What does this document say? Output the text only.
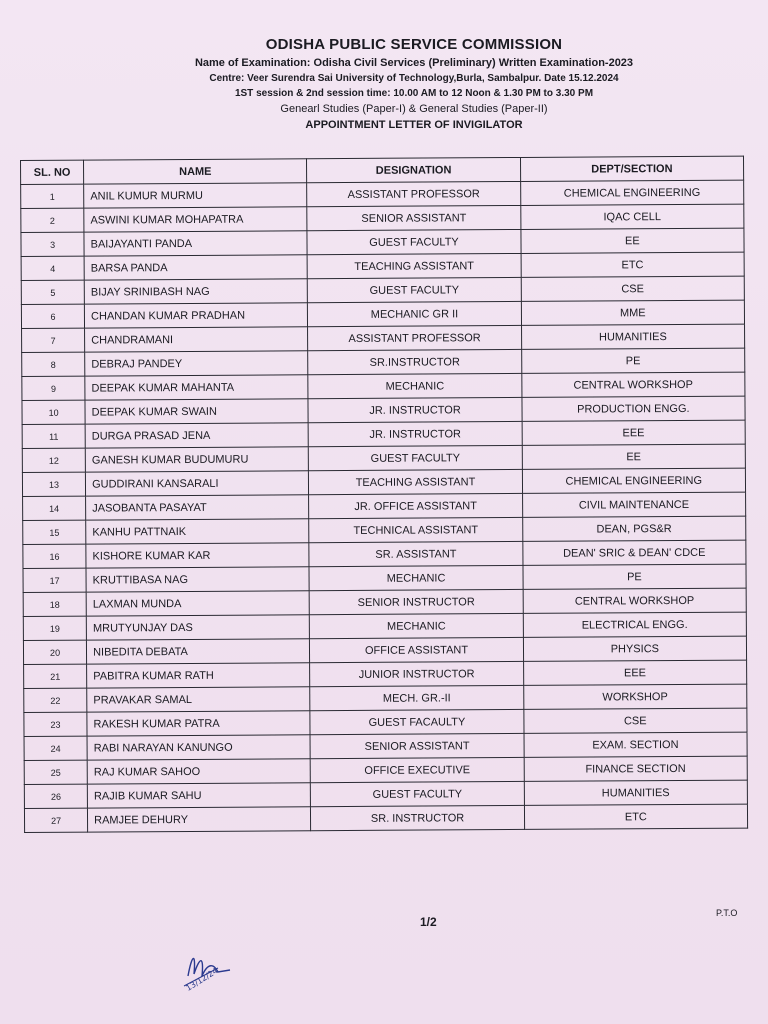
ODISHA PUBLIC SERVICE COMMISSION
Name of Examination: Odisha Civil Services (Preliminary) Written Examination-2023
Centre: Veer Surendra Sai University of Technology,Burla, Sambalpur. Date 15.12.2024
1ST session & 2nd session time: 10.00 AM to 12 Noon & 1.30 PM to 3.30 PM
Genearl Studies (Paper-I) & General Studies (Paper-II)
APPOINTMENT LETTER OF INVIGILATOR
SL. NO	NAME	DESIGNATION	DEPT/SECTION
1	ANIL KUMUR MURMU	ASSISTANT PROFESSOR	CHEMICAL ENGINEERING
2	ASWINI KUMAR MOHAPATRA	SENIOR ASSISTANT	IQAC CELL
3	BAIJAYANTI PANDA	GUEST FACULTY	EE
4	BARSA PANDA	TEACHING ASSISTANT	ETC
5	BIJAY SRINIBASH NAG	GUEST FACULTY	CSE
6	CHANDAN KUMAR PRADHAN	MECHANIC GR II	MME
7	CHANDRAMANI	ASSISTANT PROFESSOR	HUMANITIES
8	DEBRAJ PANDEY	SR.INSTRUCTOR	PE
9	DEEPAK KUMAR MAHANTA	MECHANIC	CENTRAL WORKSHOP
10	DEEPAK KUMAR SWAIN	JR. INSTRUCTOR	PRODUCTION ENGG.
11	DURGA PRASAD JENA	JR. INSTRUCTOR	EEE
12	GANESH KUMAR BUDUMURU	GUEST FACULTY	EE
13	GUDDIRANI KANSARALI	TEACHING ASSISTANT	CHEMICAL ENGINEERING
14	JASOBANTA PASAYAT	JR. OFFICE ASSISTANT	CIVIL MAINTENANCE
15	KANHU PATTNAIK	TECHNICAL ASSISTANT	DEAN, PGS&R
16	KISHORE KUMAR KAR	SR. ASSISTANT	DEAN' SRIC & DEAN' CDCE
17	KRUTTIBASA NAG	MECHANIC	PE
18	LAXMAN MUNDA	SENIOR INSTRUCTOR	CENTRAL WORKSHOP
19	MRUTYUNJAY DAS	MECHANIC	ELECTRICAL ENGG.
20	NIBEDITA DEBATA	OFFICE ASSISTANT	PHYSICS
21	PABITRA KUMAR RATH	JUNIOR INSTRUCTOR	EEE
22	PRAVAKAR SAMAL	MECH. GR.-II	WORKSHOP
23	RAKESH KUMAR PATRA	GUEST FACAULTY	CSE
24	RABI NARAYAN KANUNGO	SENIOR ASSISTANT	EXAM. SECTION
25	RAJ KUMAR SAHOO	OFFICE EXECUTIVE	FINANCE SECTION
26	RAJIB KUMAR SAHU	GUEST FACULTY	HUMANITIES
27	RAMJEE DEHURY	SR. INSTRUCTOR	ETC
1/2
P.T.O
13/12/24
